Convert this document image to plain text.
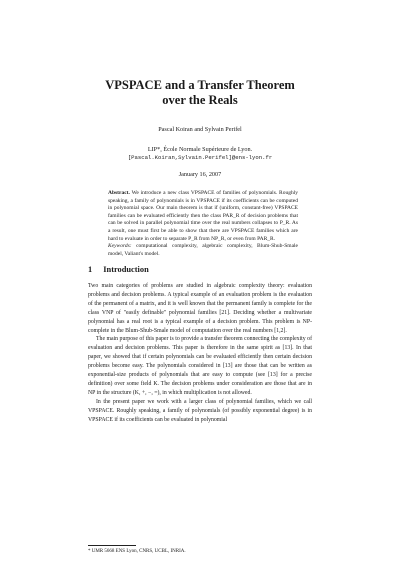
VPSPACE and a Transfer Theorem
over the Reals
Pascal Koiran and Sylvain Perifel
LIP*, École Normale Supérieure de Lyon.
[Pascal.Koiran,Sylvain.Perifel]@ens-lyon.fr
January 16, 2007
Abstract. We introduce a new class VPSPACE of families of polynomials. Roughly speaking, a family of polynomials is in VPSPACE if its coefficients can be computed in polynomial space. Our main theorem is that if (uniform, constant-free) VPSPACE families can be evaluated efficiently then the class PAR_R of decision problems that can be solved in parallel polynomial time over the real numbers collapses to P_R. As a result, one must first be able to show that there are VPSPACE families which are hard to evaluate in order to separate P_R from NP_R, or even from PAR_R.
Keywords: computational complexity, algebraic complexity, Blum-Shub-Smale model, Valiant's model.
1 Introduction

Two main categories of problems are studied in algebraic complexity theory: evaluation problems and decision problems. A typical example of an evaluation problem is the evaluation of the permanent of a matrix, and it is well known that the permanent family is complete for the class VNP of "easily definable" polynomial families [21]. Deciding whether a multivariate polynomial has a real root is a typical example of a decision problem. This problem is NP-complete in the Blum-Shub-Smale model of computation over the real numbers [1,2].

The main purpose of this paper is to provide a transfer theorem connecting the complexity of evaluation and decision problems. This paper is therefore in the same spirit as [13]. In that paper, we showed that if certain polynomials can be evaluated efficiently then certain decision problems become easy. The polynomials considered in [13] are those that can be written as exponential-size products of polynomials that are easy to compute (see [13] for a precise definition) over some field K. The decision problems under consideration are those that are in NP in the structure (K, +, −, =), in which multiplication is not allowed.

In the present paper we work with a larger class of polynomial families, which we call VPSPACE. Roughly speaking, a family of polynomials (of possibly exponential degree) is in VPSPACE if its coefficients can be evaluated in polynomial

* UMR 5668 ENS Lyon, CNRS, UCBL, INRIA.
